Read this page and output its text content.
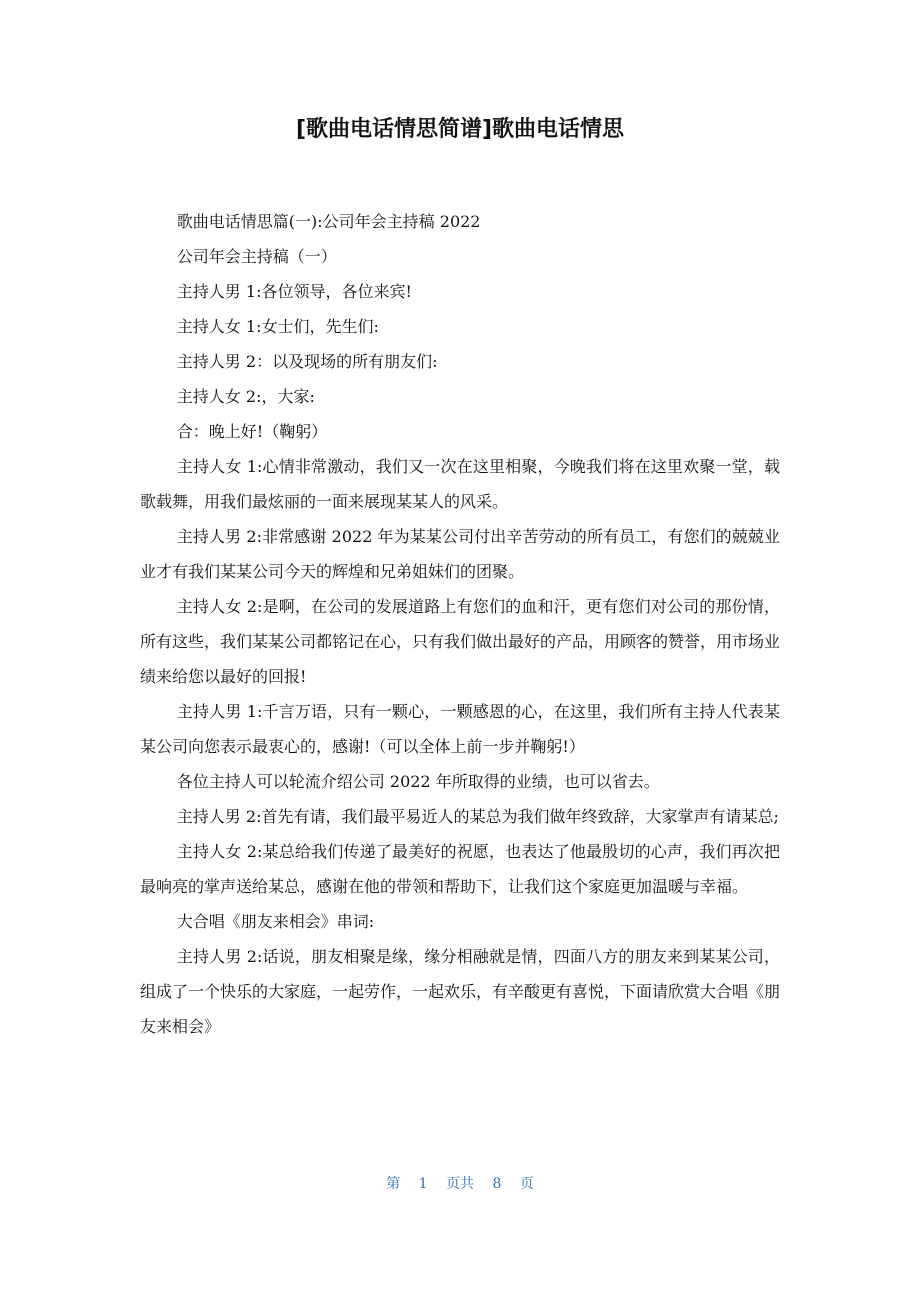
[歌曲电话情思简谱]歌曲电话情思

歌曲电话情思篇(一):公司年会主持稿 2022

公司年会主持稿（一）

主持人男 1:各位领导，各位来宾!

主持人女 1:女士们，先生们:

主持人男 2：以及现场的所有朋友们:

主持人女 2:，大家:

合：晚上好!（鞠躬）

主持人女 1:心情非常激动，我们又一次在这里相聚，今晚我们将在这里欢聚一堂，载歌载舞，用我们最炫丽的一面来展现某某人的风采。

主持人男 2:非常感谢 2022 年为某某公司付出辛苦劳动的所有员工，有您们的兢兢业业才有我们某某公司今天的辉煌和兄弟姐妹们的团聚。

主持人女 2:是啊，在公司的发展道路上有您们的血和汗，更有您们对公司的那份情，所有这些，我们某某公司都铭记在心，只有我们做出最好的产品，用顾客的赞誉，用市场业绩来给您以最好的回报!

主持人男 1:千言万语，只有一颗心，一颗感恩的心，在这里，我们所有主持人代表某某公司向您表示最衷心的，感谢!（可以全体上前一步并鞠躬!）

各位主持人可以轮流介绍公司 2022 年所取得的业绩，也可以省去。

主持人男 2:首先有请，我们最平易近人的某总为我们做年终致辞，大家掌声有请某总;

主持人女 2:某总给我们传递了最美好的祝愿，也表达了他最殷切的心声，我们再次把最响亮的掌声送给某总，感谢在他的带领和帮助下，让我们这个家庭更加温暖与幸福。

大合唱《朋友来相会》串词:

主持人男 2:话说，朋友相聚是缘，缘分相融就是情，四面八方的朋友来到某某公司，组成了一个快乐的大家庭，一起劳作，一起欢乐，有辛酸更有喜悦，下面请欣赏大合唱《朋友来相会》

第 1 页共 8 页
